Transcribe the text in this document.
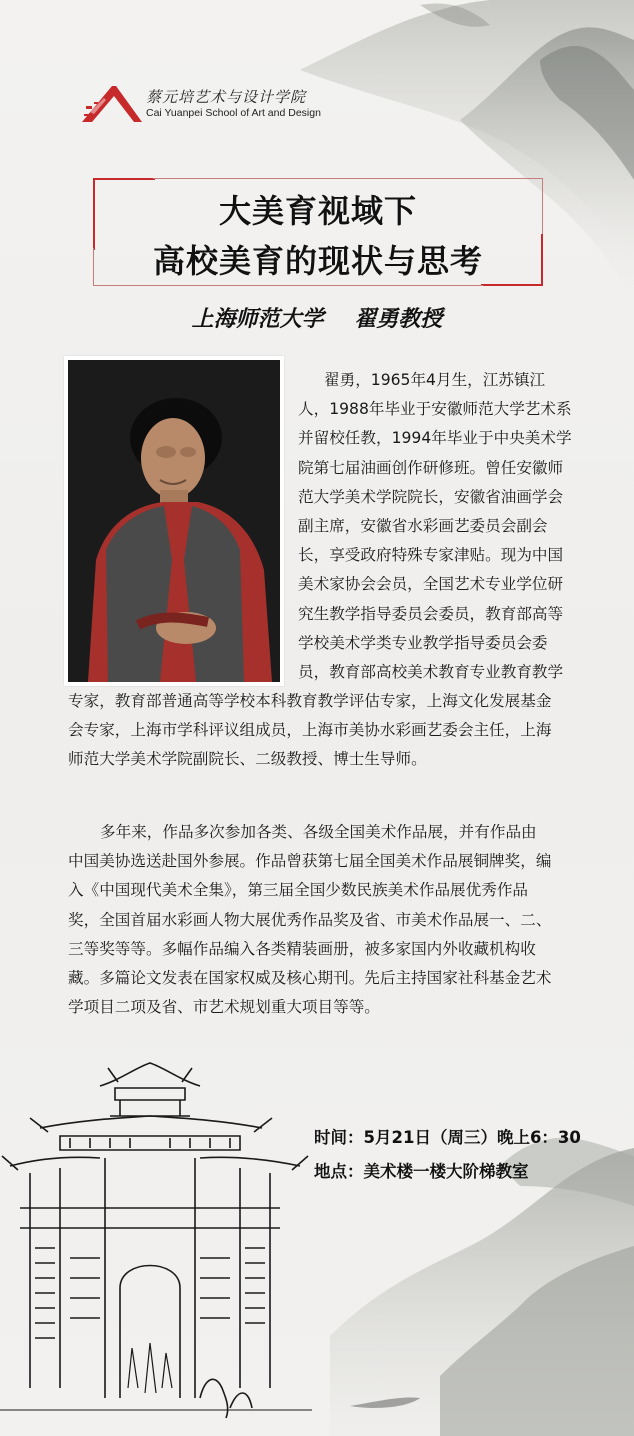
蔡元培艺术与设计学院
Cai Yuanpei School of Art and Design
大美育视域下
高校美育的现状与思考
上海师范大学    翟勇教授
翟勇，1965年4月生，江苏镇江
人，1988年毕业于安徽师范大学艺术系
并留校任教，1994年毕业于中央美术学
院第七届油画创作研修班。曾任安徽师
范大学美术学院院长，安徽省油画学会
副主席，安徽省水彩画艺委员会副会
长，享受政府特殊专家津贴。现为中国
美术家协会会员，全国艺术专业学位研
究生教学指导委员会委员，教育部高等
学校美术学类专业教学指导委员会委
员，教育部高校美术教育专业教育教学
专家，教育部普通高等学校本科教育教学评估专家，上海文化发展基金
会专家，上海市学科评议组成员，上海市美协水彩画艺委会主任，上海
师范大学美术学院副院长、二级教授、博士生导师。
多年来，作品多次参加各类、各级全国美术作品展，并有作品由
中国美协选送赴国外参展。作品曾获第七届全国美术作品展铜牌奖，编
入《中国现代美术全集》，第三届全国少数民族美术作品展优秀作品
奖，全国首届水彩画人物大展优秀作品奖及省、市美术作品展一、二、
三等奖等等。多幅作品编入各类精装画册，被多家国内外收藏机构收
藏。多篇论文发表在国家权威及核心期刊。先后主持国家社科基金艺术
学项目二项及省、市艺术规划重大项目等等。
时间：5月21日（周三）晚上6：30
地点：美术楼一楼大阶梯教室
